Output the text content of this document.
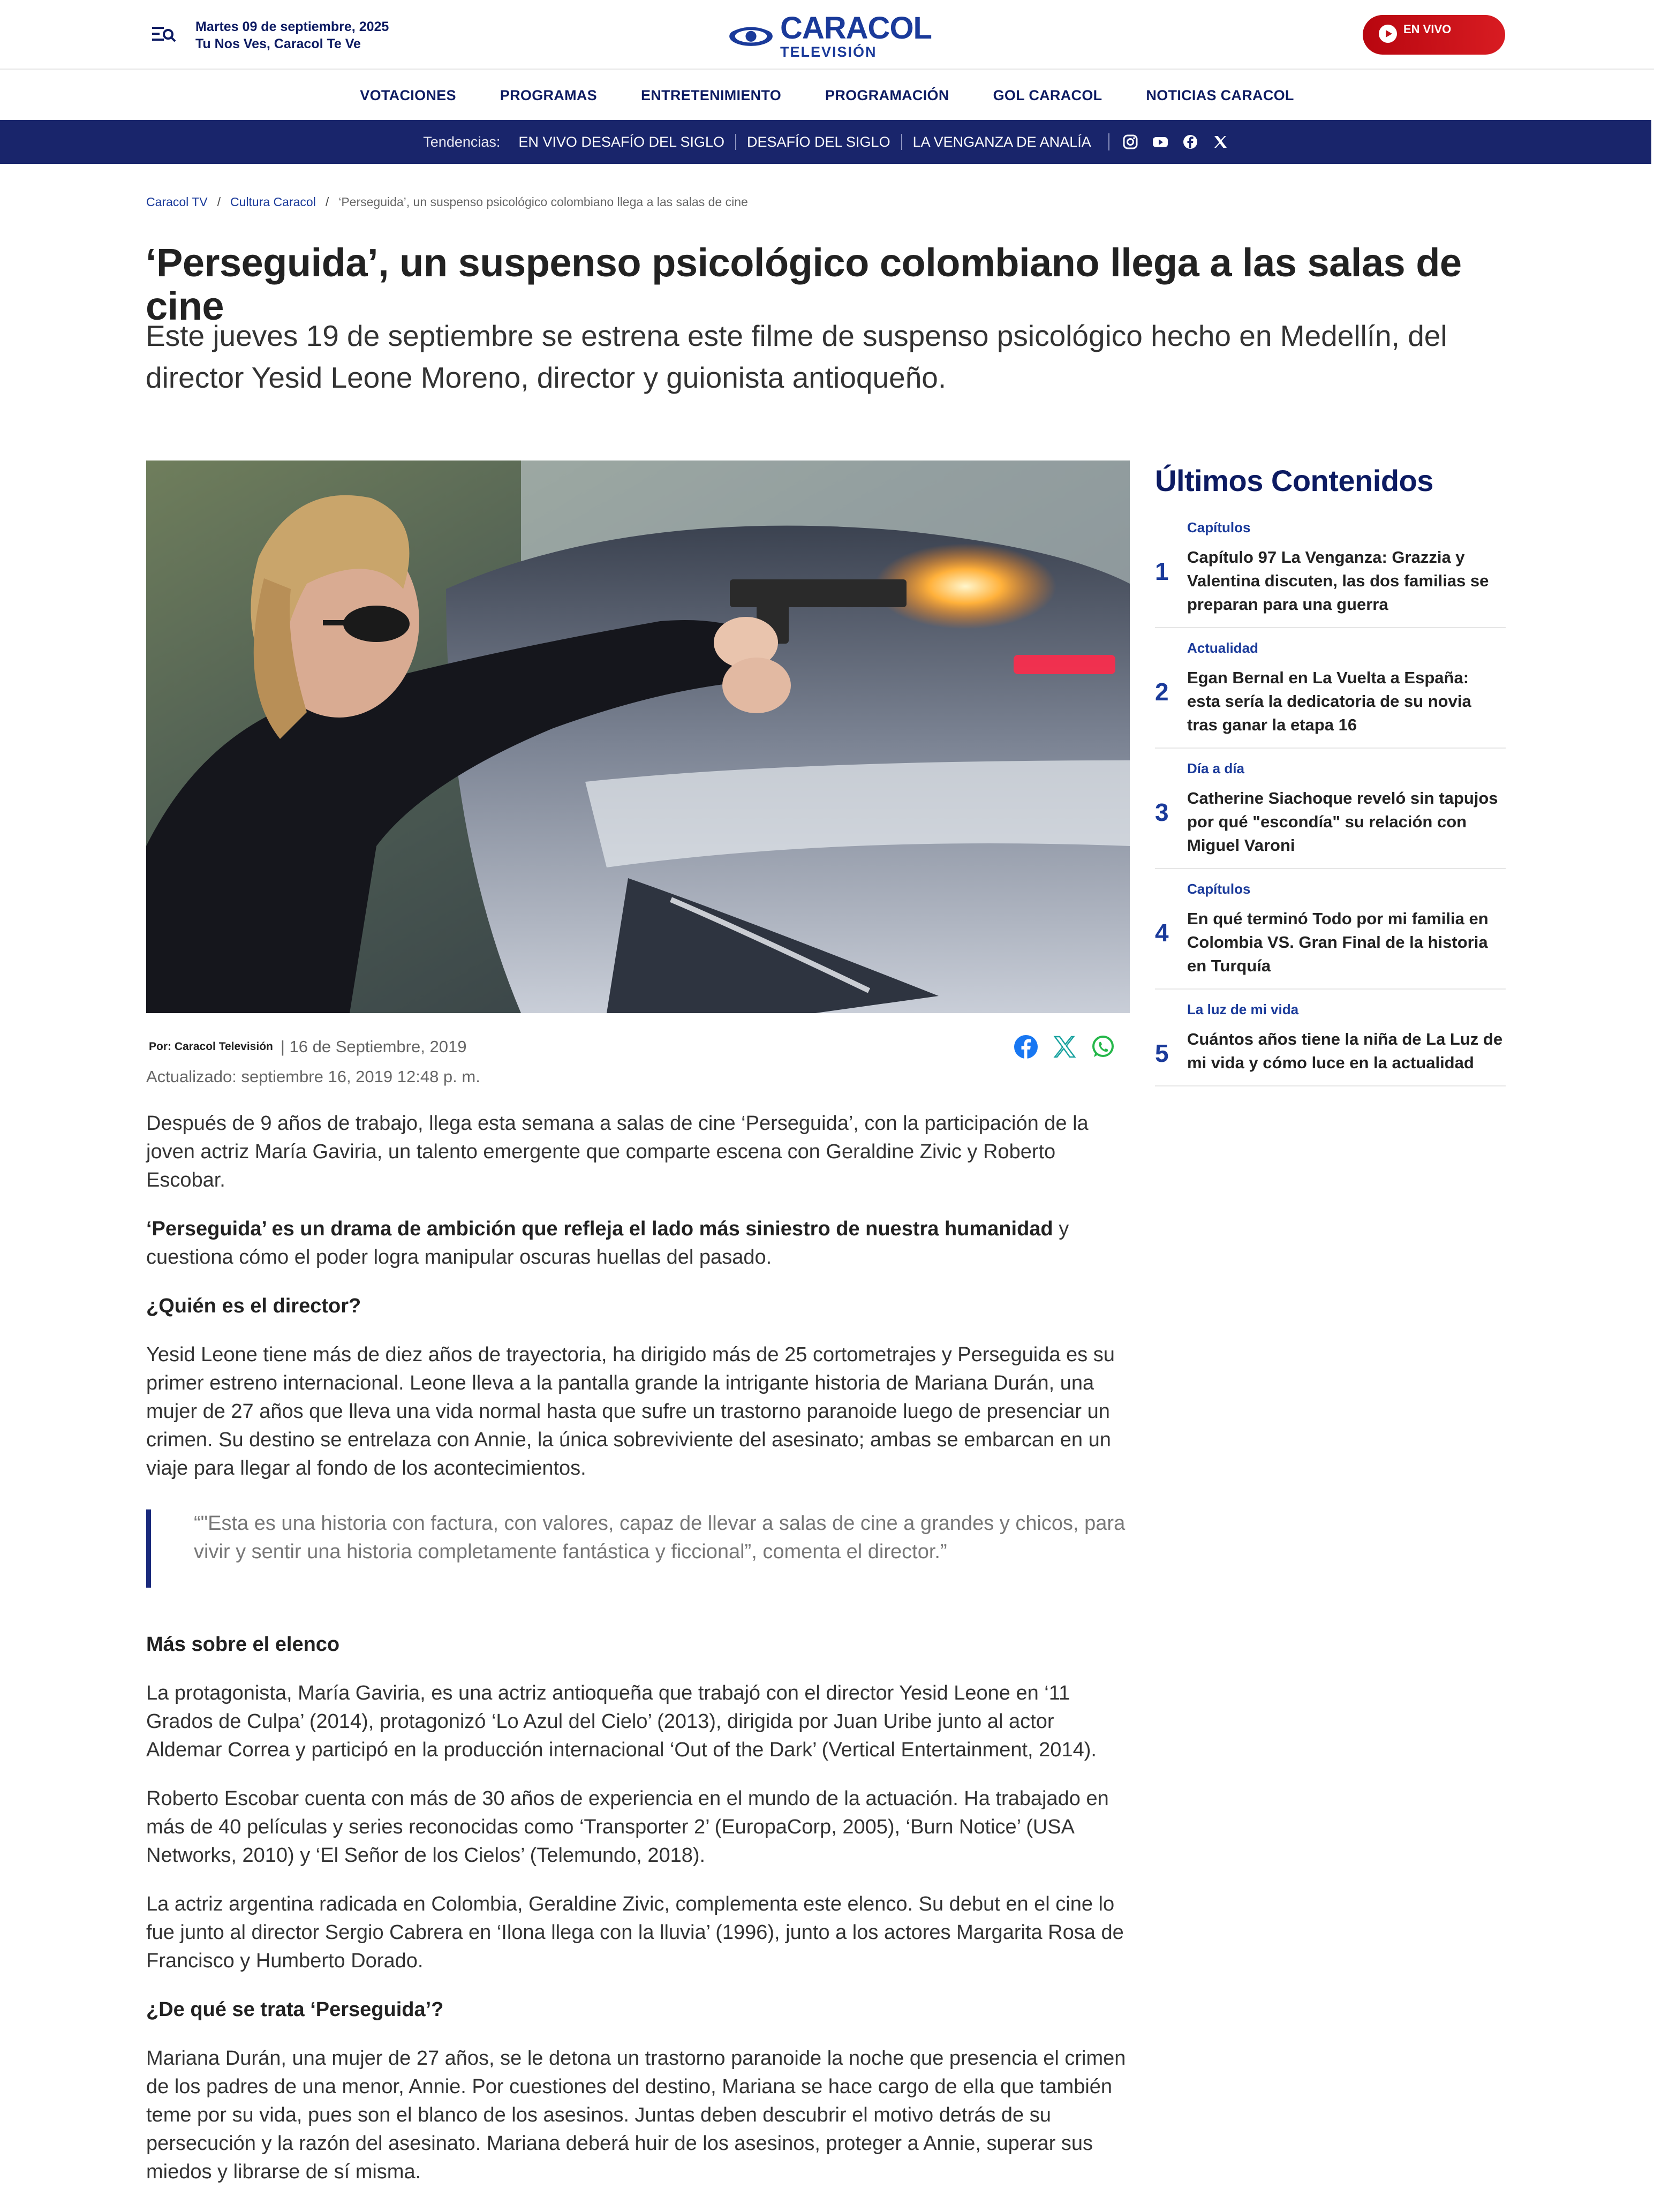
Martes 09 de septiembre, 2025
Tu Nos Ves, Caracol Te Ve	CARACOL
TELEVISIÓN
EN VIVO
VOTACIONES	PROGRAMAS	ENTRETENIMIENTO	PROGRAMACIÓN	GOL CARACOL	NOTICIAS CARACOL
Tendencias: EN VIVO DESAFÍO DEL SIGLO	DESAFÍO DEL SIGLO	LA VENGANZA DE ANALÍA
Caracol TV / Cultura Caracol / ‘Perseguida’, un suspenso psicológico colombiano llega a las salas de cine
‘Perseguida’, un suspenso psicológico colombiano llega a las salas de cine

Este jueves 19 de septiembre se estrena este filme de suspenso psicológico hecho en Medellín, del director Yesid Leone Moreno, director y guionista antioqueño.

Por: Caracol Televisión | 16 de Septiembre, 2019
Actualizado: septiembre 16, 2019 12:48 p. m.

Después de 9 años de trabajo, llega esta semana a salas de cine ‘Perseguida’, con la participación de la joven actriz María Gaviria, un talento emergente que comparte escena con Geraldine Zivic y Roberto Escobar.

‘Perseguida’ es un drama de ambición que refleja el lado más siniestro de nuestra humanidad y cuestiona cómo el poder logra manipular oscuras huellas del pasado.

¿Quién es el director?

Yesid Leone tiene más de diez años de trayectoria, ha dirigido más de 25 cortometrajes y Perseguida es su primer estreno internacional. Leone lleva a la pantalla grande la intrigante historia de Mariana Durán, una mujer de 27 años que lleva una vida normal hasta que sufre un trastorno paranoide luego de presenciar un crimen. Su destino se entrelaza con Annie, la única sobreviviente del asesinato; ambas se embarcan en un viaje para llegar al fondo de los acontecimientos.

“"Esta es una historia con factura, con valores, capaz de llevar a salas de cine a grandes y chicos, para vivir y sentir una historia completamente fantástica y ficcional”, comenta el director.”
Más sobre el elenco

La protagonista, María Gaviria, es una actriz antioqueña que trabajó con el director Yesid Leone en ‘11 Grados de Culpa’ (2014), protagonizó ‘Lo Azul del Cielo’ (2013), dirigida por Juan Uribe junto al actor Aldemar Correa y participó en la producción internacional ‘Out of the Dark’ (Vertical Entertainment, 2014).

Roberto Escobar cuenta con más de 30 años de experiencia en el mundo de la actuación. Ha trabajado en más de 40 películas y series reconocidas como ‘Transporter 2’ (EuropaCorp, 2005), ‘Burn Notice’ (USA Networks, 2010) y ‘El Señor de los Cielos’ (Telemundo, 2018).

La actriz argentina radicada en Colombia, Geraldine Zivic, complementa este elenco. Su debut en el cine lo fue junto al director Sergio Cabrera en ‘Ilona llega con la lluvia’ (1996), junto a los actores Margarita Rosa de Francisco y Humberto Dorado.

¿De qué se trata ‘Perseguida’?

Mariana Durán, una mujer de 27 años, se le detona un trastorno paranoide la noche que presencia el crimen de los padres de una menor, Annie. Por cuestiones del destino, Mariana se hace cargo de ella que también teme por su vida, pues son el blanco de los asesinos. Juntas deben descubrir el motivo detrás de su persecución y la razón del asesinato. Mariana deberá huir de los asesinos, proteger a Annie, superar sus miedos y librarse de sí misma.

Últimos Contenidos
1
Capítulos
Capítulo 97 La Venganza: Grazzia y Valentina discuten, las dos familias se preparan para una guerra
2
Actualidad
Egan Bernal en La Vuelta a España: esta sería la dedicatoria de su novia tras ganar la etapa 16
3
Día a día
Catherine Siachoque reveló sin tapujos por qué "escondía" su relación con Miguel Varoni
4
Capítulos
En qué terminó Todo por mi familia en Colombia VS. Gran Final de la historia en Turquía
5
La luz de mi vida
Cuántos años tiene la niña de La Luz de mi vida y cómo luce en la actualidad
